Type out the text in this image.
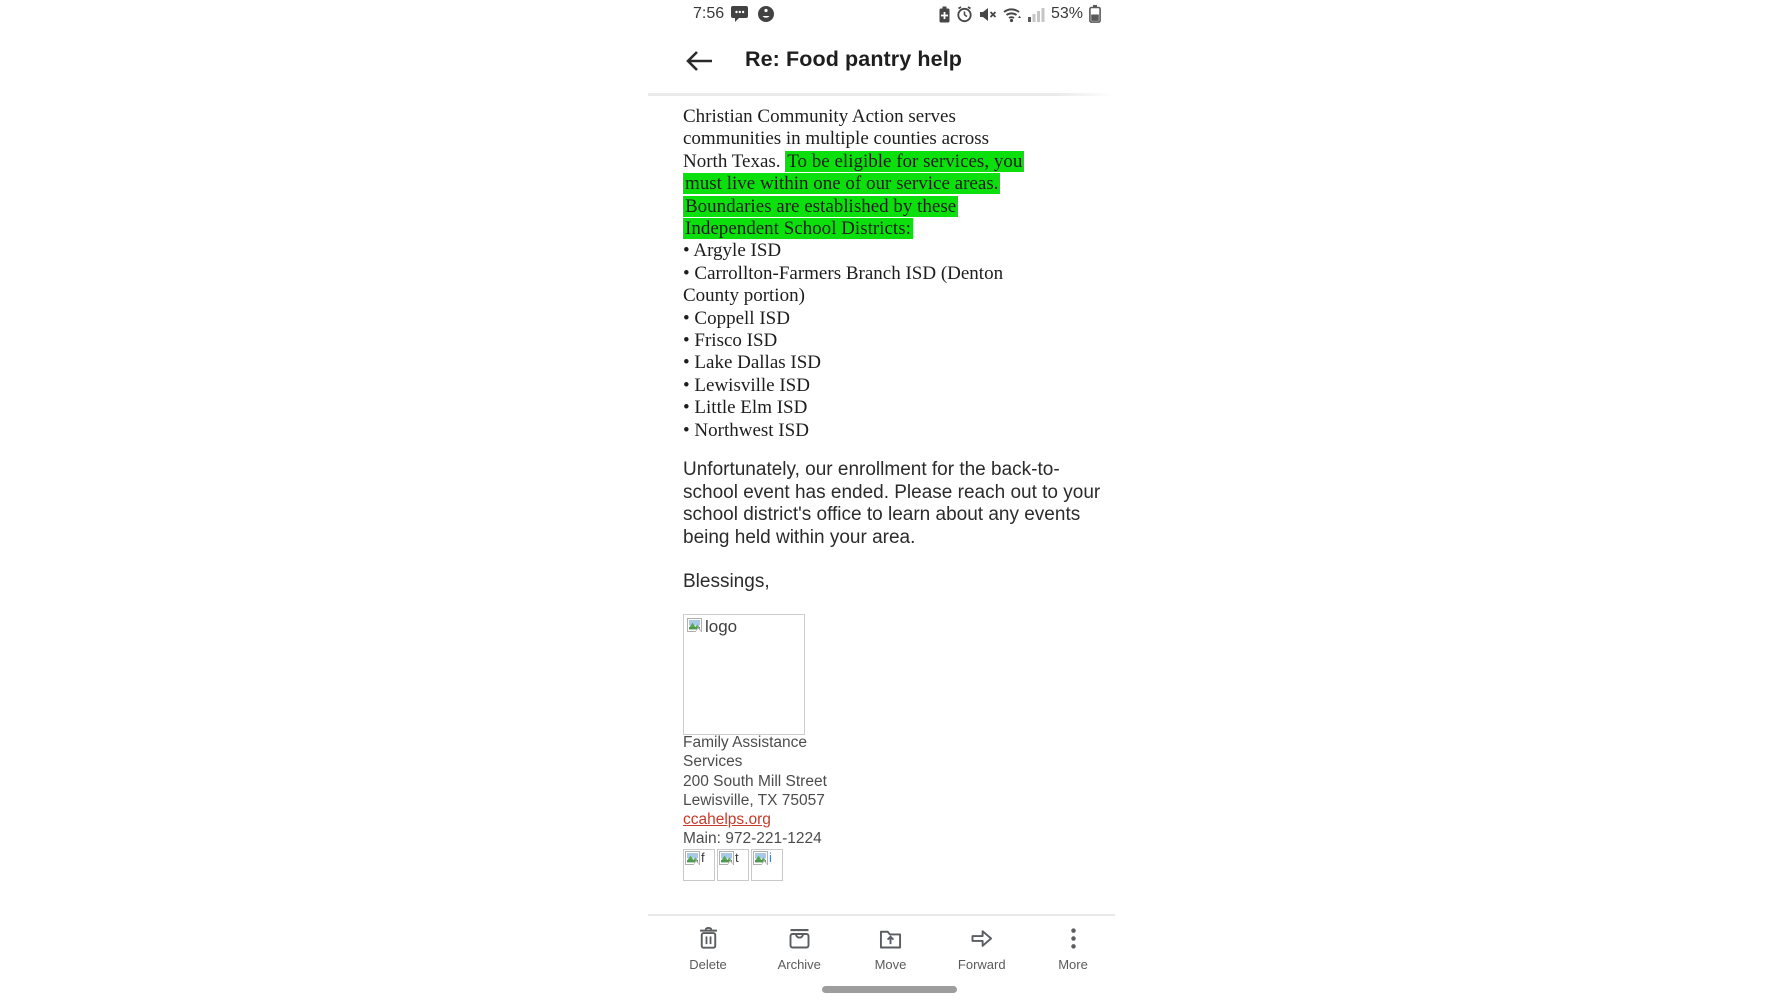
7:56	53%
Re: Food pantry help
Christian Community Action serves
communities in multiple counties across
North Texas. To be eligible for services, you
must live within one of our service areas.
Boundaries are established by these
Independent School Districts:
• Argyle ISD
• Carrollton-Farmers Branch ISD (Denton
County portion)
• Coppell ISD
• Frisco ISD
• Lake Dallas ISD
• Lewisville ISD
• Little Elm ISD
• Northwest ISD
Unfortunately, our enrollment for the back-to-
school event has ended. Please reach out to your
school district's office to learn about any events
being held within your area.
Blessings,
logo
Family Assistance
Services
200 South Mill Street
Lewisville, TX 75057
ccahelps.org
Main: 972-221-1224
f t i
Delete	Archive	Move	Forward	More
